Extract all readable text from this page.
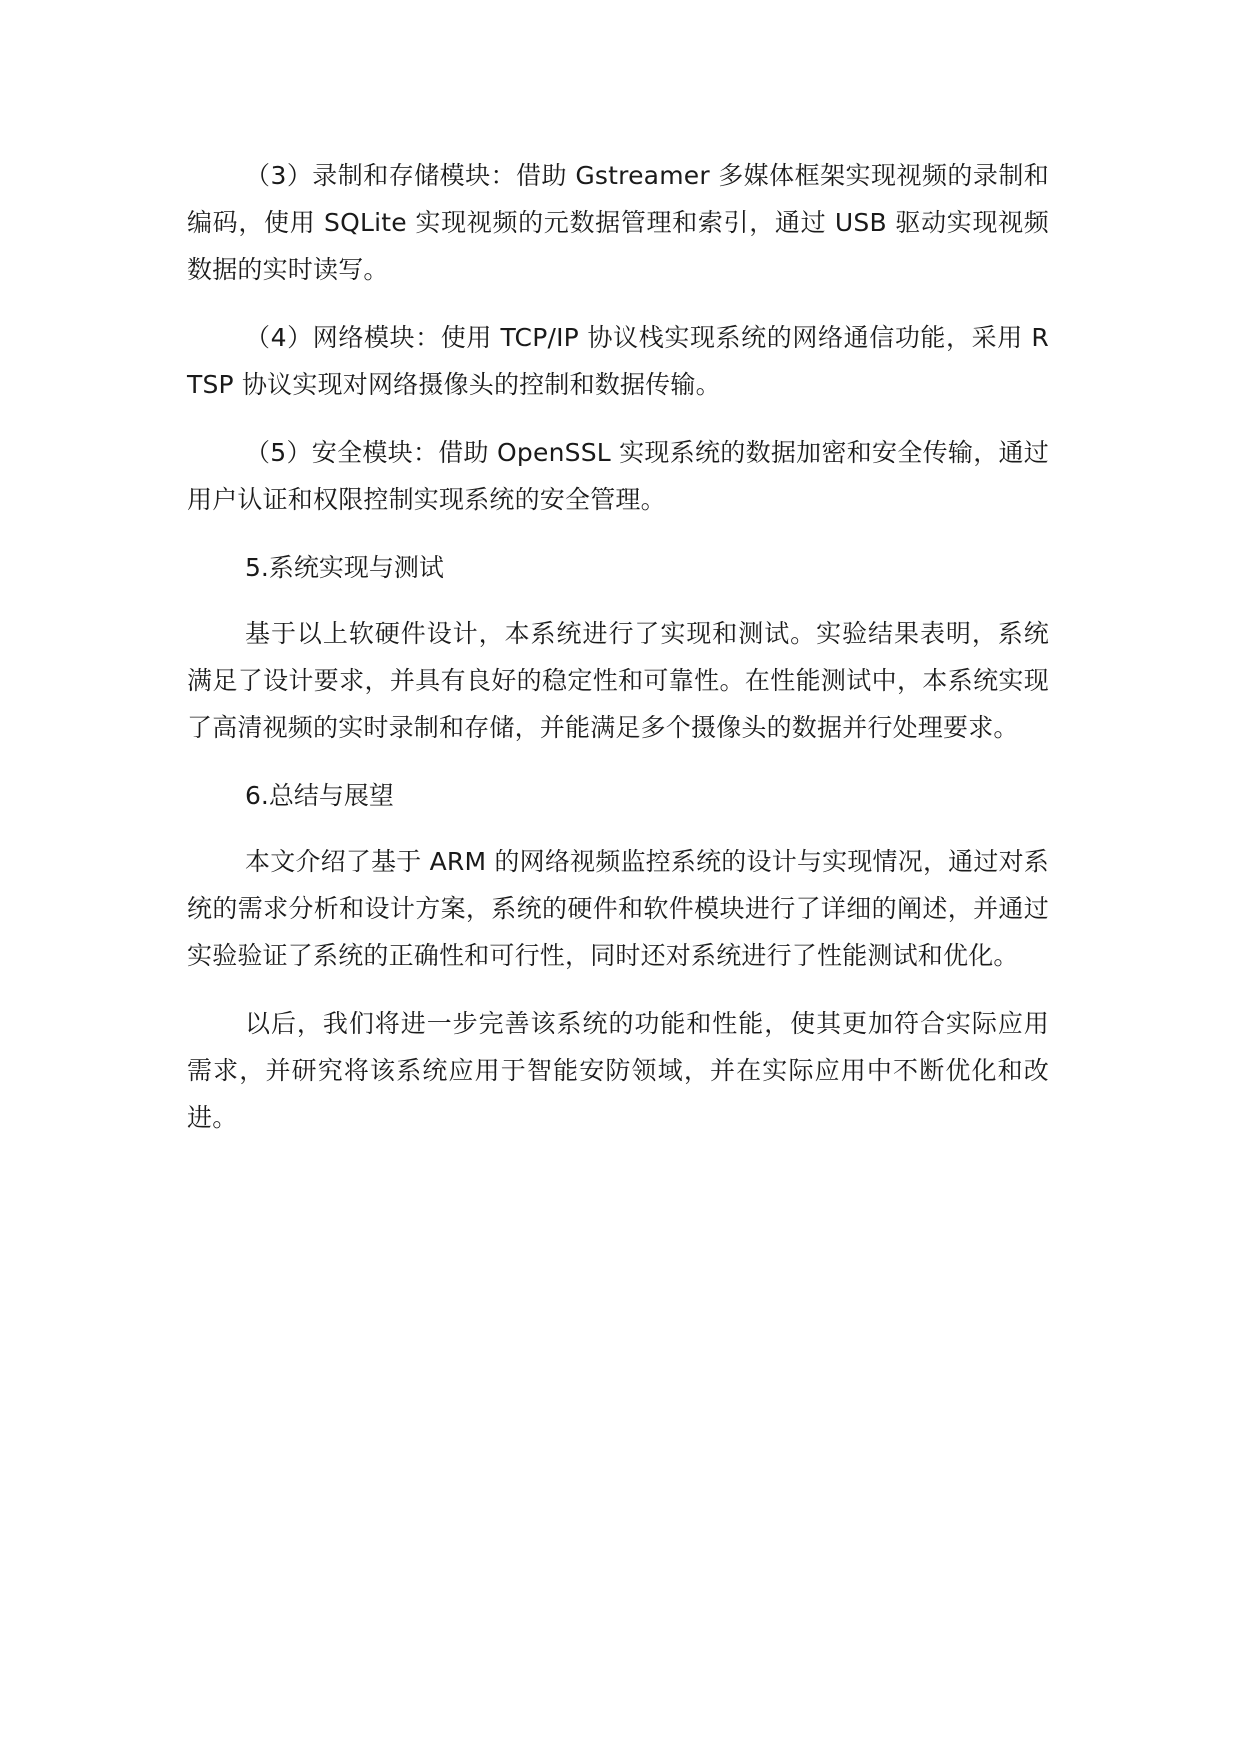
（3）录制和存储模块：借助 Gstreamer 多媒体框架实现视频的录制和编码，使用 SQLite 实现视频的元数据管理和索引，通过 USB 驱动实现视频数据的实时读写。

（4）网络模块：使用 TCP/IP 协议栈实现系统的网络通信功能，采用 RTSP 协议实现对网络摄像头的控制和数据传输。

（5）安全模块：借助 OpenSSL 实现系统的数据加密和安全传输，通过用户认证和权限控制实现系统的安全管理。

5.系统实现与测试

基于以上软硬件设计，本系统进行了实现和测试。实验结果表明，系统满足了设计要求，并具有良好的稳定性和可靠性。在性能测试中，本系统实现了高清视频的实时录制和存储，并能满足多个摄像头的数据并行处理要求。

6.总结与展望

本文介绍了基于 ARM 的网络视频监控系统的设计与实现情况，通过对系统的需求分析和设计方案，系统的硬件和软件模块进行了详细的阐述，并通过实验验证了系统的正确性和可行性，同时还对系统进行了性能测试和优化。

以后，我们将进一步完善该系统的功能和性能，使其更加符合实际应用需求，并研究将该系统应用于智能安防领域，并在实际应用中不断优化和改进。
